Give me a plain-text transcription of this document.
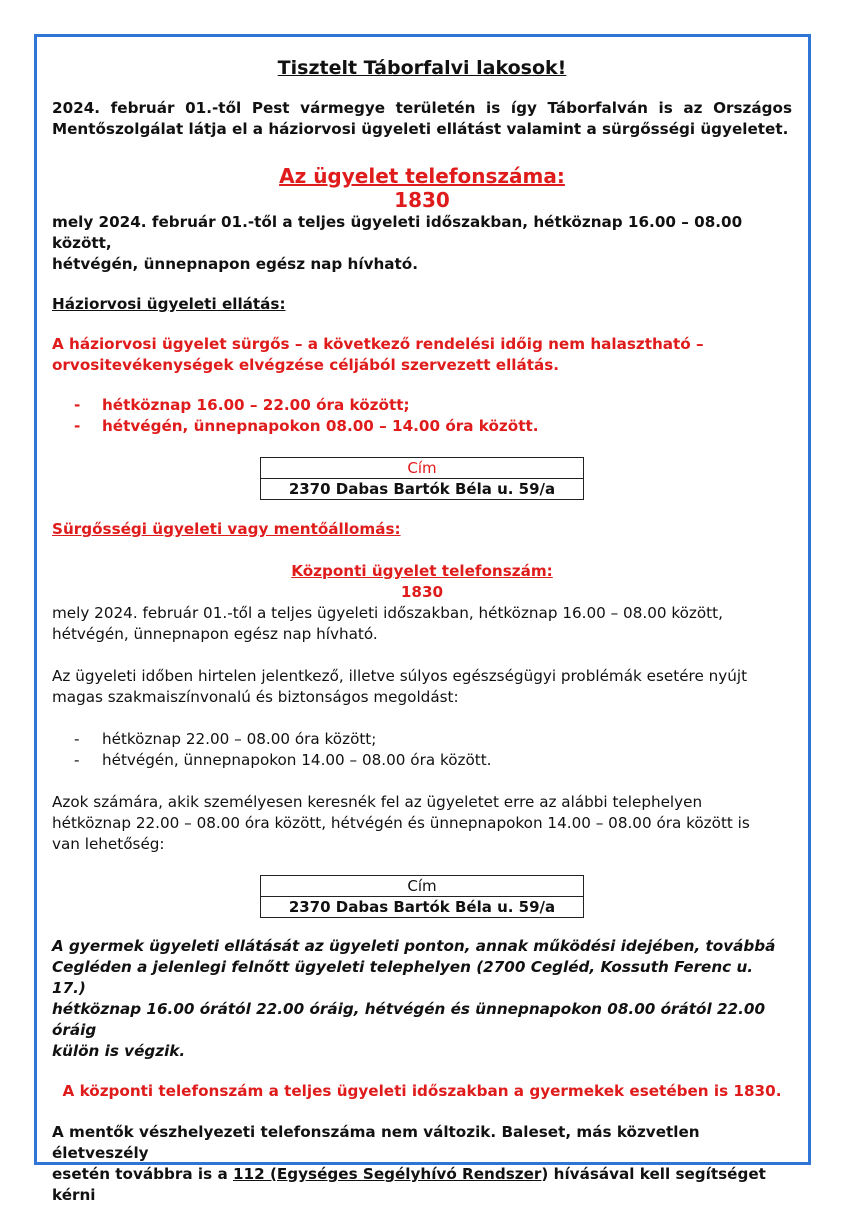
Tisztelt Táborfalvi lakosok!

2024. február 01.-től Pest vármegye területén is így Táborfalván is az Országos

Mentőszolgálat látja el a háziorvosi ügyeleti ellátást valamint a sürgősségi ügyeletet.

Az ügyelet telefonszáma:

1830

mely 2024. február 01.-től a teljes ügyeleti időszakban, hétköznap 16.00 – 08.00 között,

hétvégén, ünnepnapon egész nap hívható.

Háziorvosi ügyeleti ellátás:

A háziorvosi ügyelet sürgős – a következő rendelési időig nem halasztható –

orvositevékenységek elvégzése céljából szervezett ellátás.

- hétköznap 16.00 – 22.00 óra között;
- hétvégén, ünnepnapokon 08.00 – 14.00 óra között.
Cím
2370 Dabas Bartók Béla u. 59/a

Sürgősségi ügyeleti vagy mentőállomás:

Központi ügyelet telefonszám:

1830

mely 2024. február 01.-től a teljes ügyeleti időszakban, hétköznap 16.00 – 08.00 között,

hétvégén, ünnepnapon egész nap hívható.

Az ügyeleti időben hirtelen jelentkező, illetve súlyos egészségügyi problémák esetére nyújt

magas szakmaiszínvonalú és biztonságos megoldást:

- hétköznap 22.00 – 08.00 óra között;
- hétvégén, ünnepnapokon 14.00 – 08.00 óra között.

Azok számára, akik személyesen keresnék fel az ügyeletet erre az alábbi telephelyen

hétköznap 22.00 – 08.00 óra között, hétvégén és ünnepnapokon 14.00 – 08.00 óra között is

van lehetőség:

Cím
2370 Dabas Bartók Béla u. 59/a

A gyermek ügyeleti ellátását az ügyeleti ponton, annak működési idejében, továbbá

Cegléden a jelenlegi felnőtt ügyeleti telephelyen (2700 Cegléd, Kossuth Ferenc u. 17.)

hétköznap 16.00 órától 22.00 óráig, hétvégén és ünnepnapokon 08.00 órától 22.00 óráig

külön is végzik.

A központi telefonszám a teljes ügyeleti időszakban a gyermekek esetében is 1830.

A mentők vészhelyezeti telefonszáma nem változik. Baleset, más közvetlen életveszély

esetén továbbra is a 112 (Egységes Segélyhívó Rendszer) hívásával kell segítséget kérni
